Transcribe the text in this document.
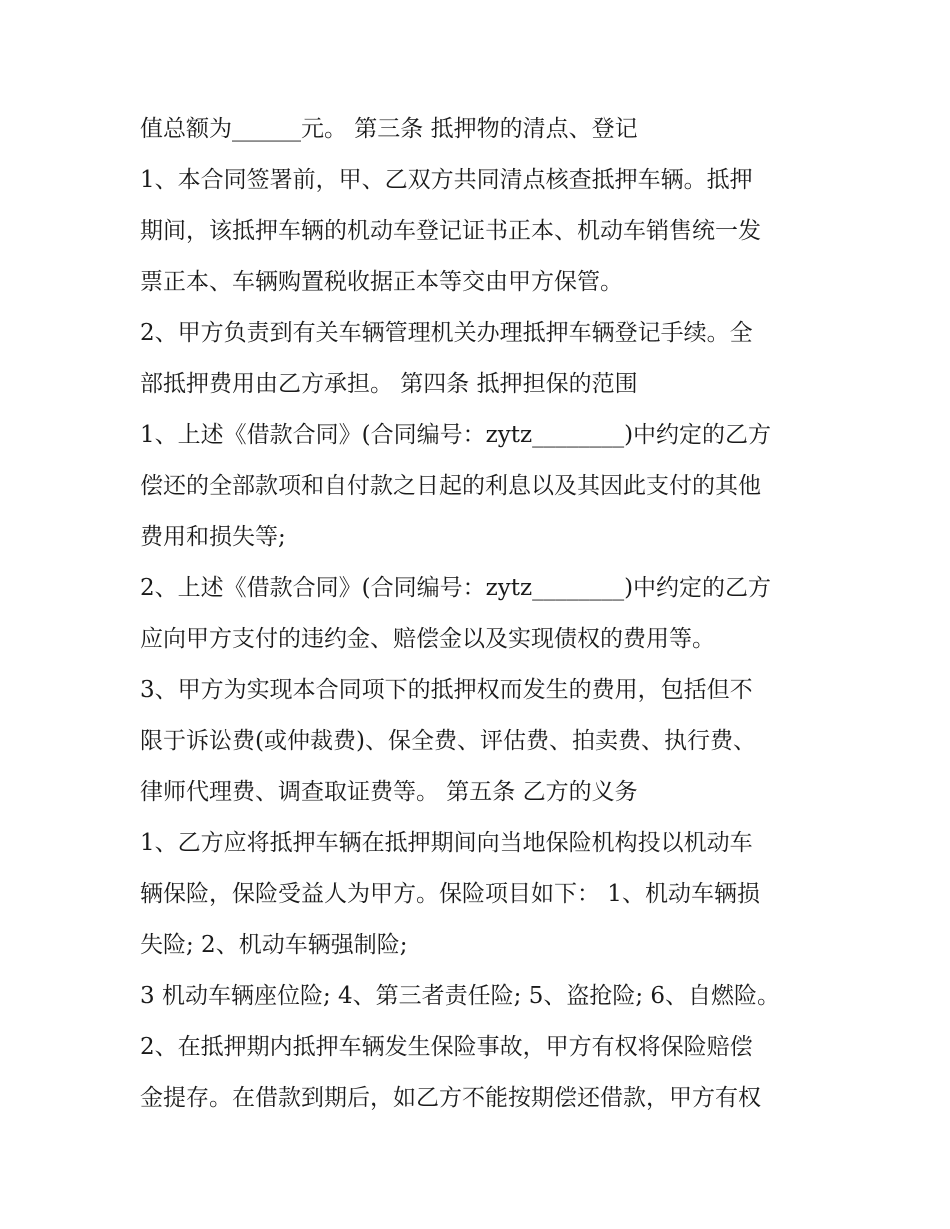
值总额为______元。 第三条 抵押物的清点、登记
1、本合同签署前，甲、乙双方共同清点核查抵押车辆。抵押
期间，该抵押车辆的机动车登记证书正本、机动车销售统一发
票正本、车辆购置税收据正本等交由甲方保管。
2、甲方负责到有关车辆管理机关办理抵押车辆登记手续。全
部抵押费用由乙方承担。 第四条 抵押担保的范围
1、上述《借款合同》(合同编号：zytz________)中约定的乙方
偿还的全部款项和自付款之日起的利息以及其因此支付的其他
费用和损失等;
2、上述《借款合同》(合同编号：zytz________)中约定的乙方
应向甲方支付的违约金、赔偿金以及实现债权的费用等。
3、甲方为实现本合同项下的抵押权而发生的费用，包括但不
限于诉讼费(或仲裁费)、保全费、评估费、拍卖费、执行费、
律师代理费、调查取证费等。 第五条 乙方的义务
1、乙方应将抵押车辆在抵押期间向当地保险机构投以机动车
辆保险，保险受益人为甲方。保险项目如下： 1、机动车辆损
失险; 2、机动车辆强制险;
3 机动车辆座位险; 4、第三者责任险; 5、盗抢险; 6、自燃险。
2、在抵押期内抵押车辆发生保险事故，甲方有权将保险赔偿
金提存。在借款到期后，如乙方不能按期偿还借款，甲方有权
